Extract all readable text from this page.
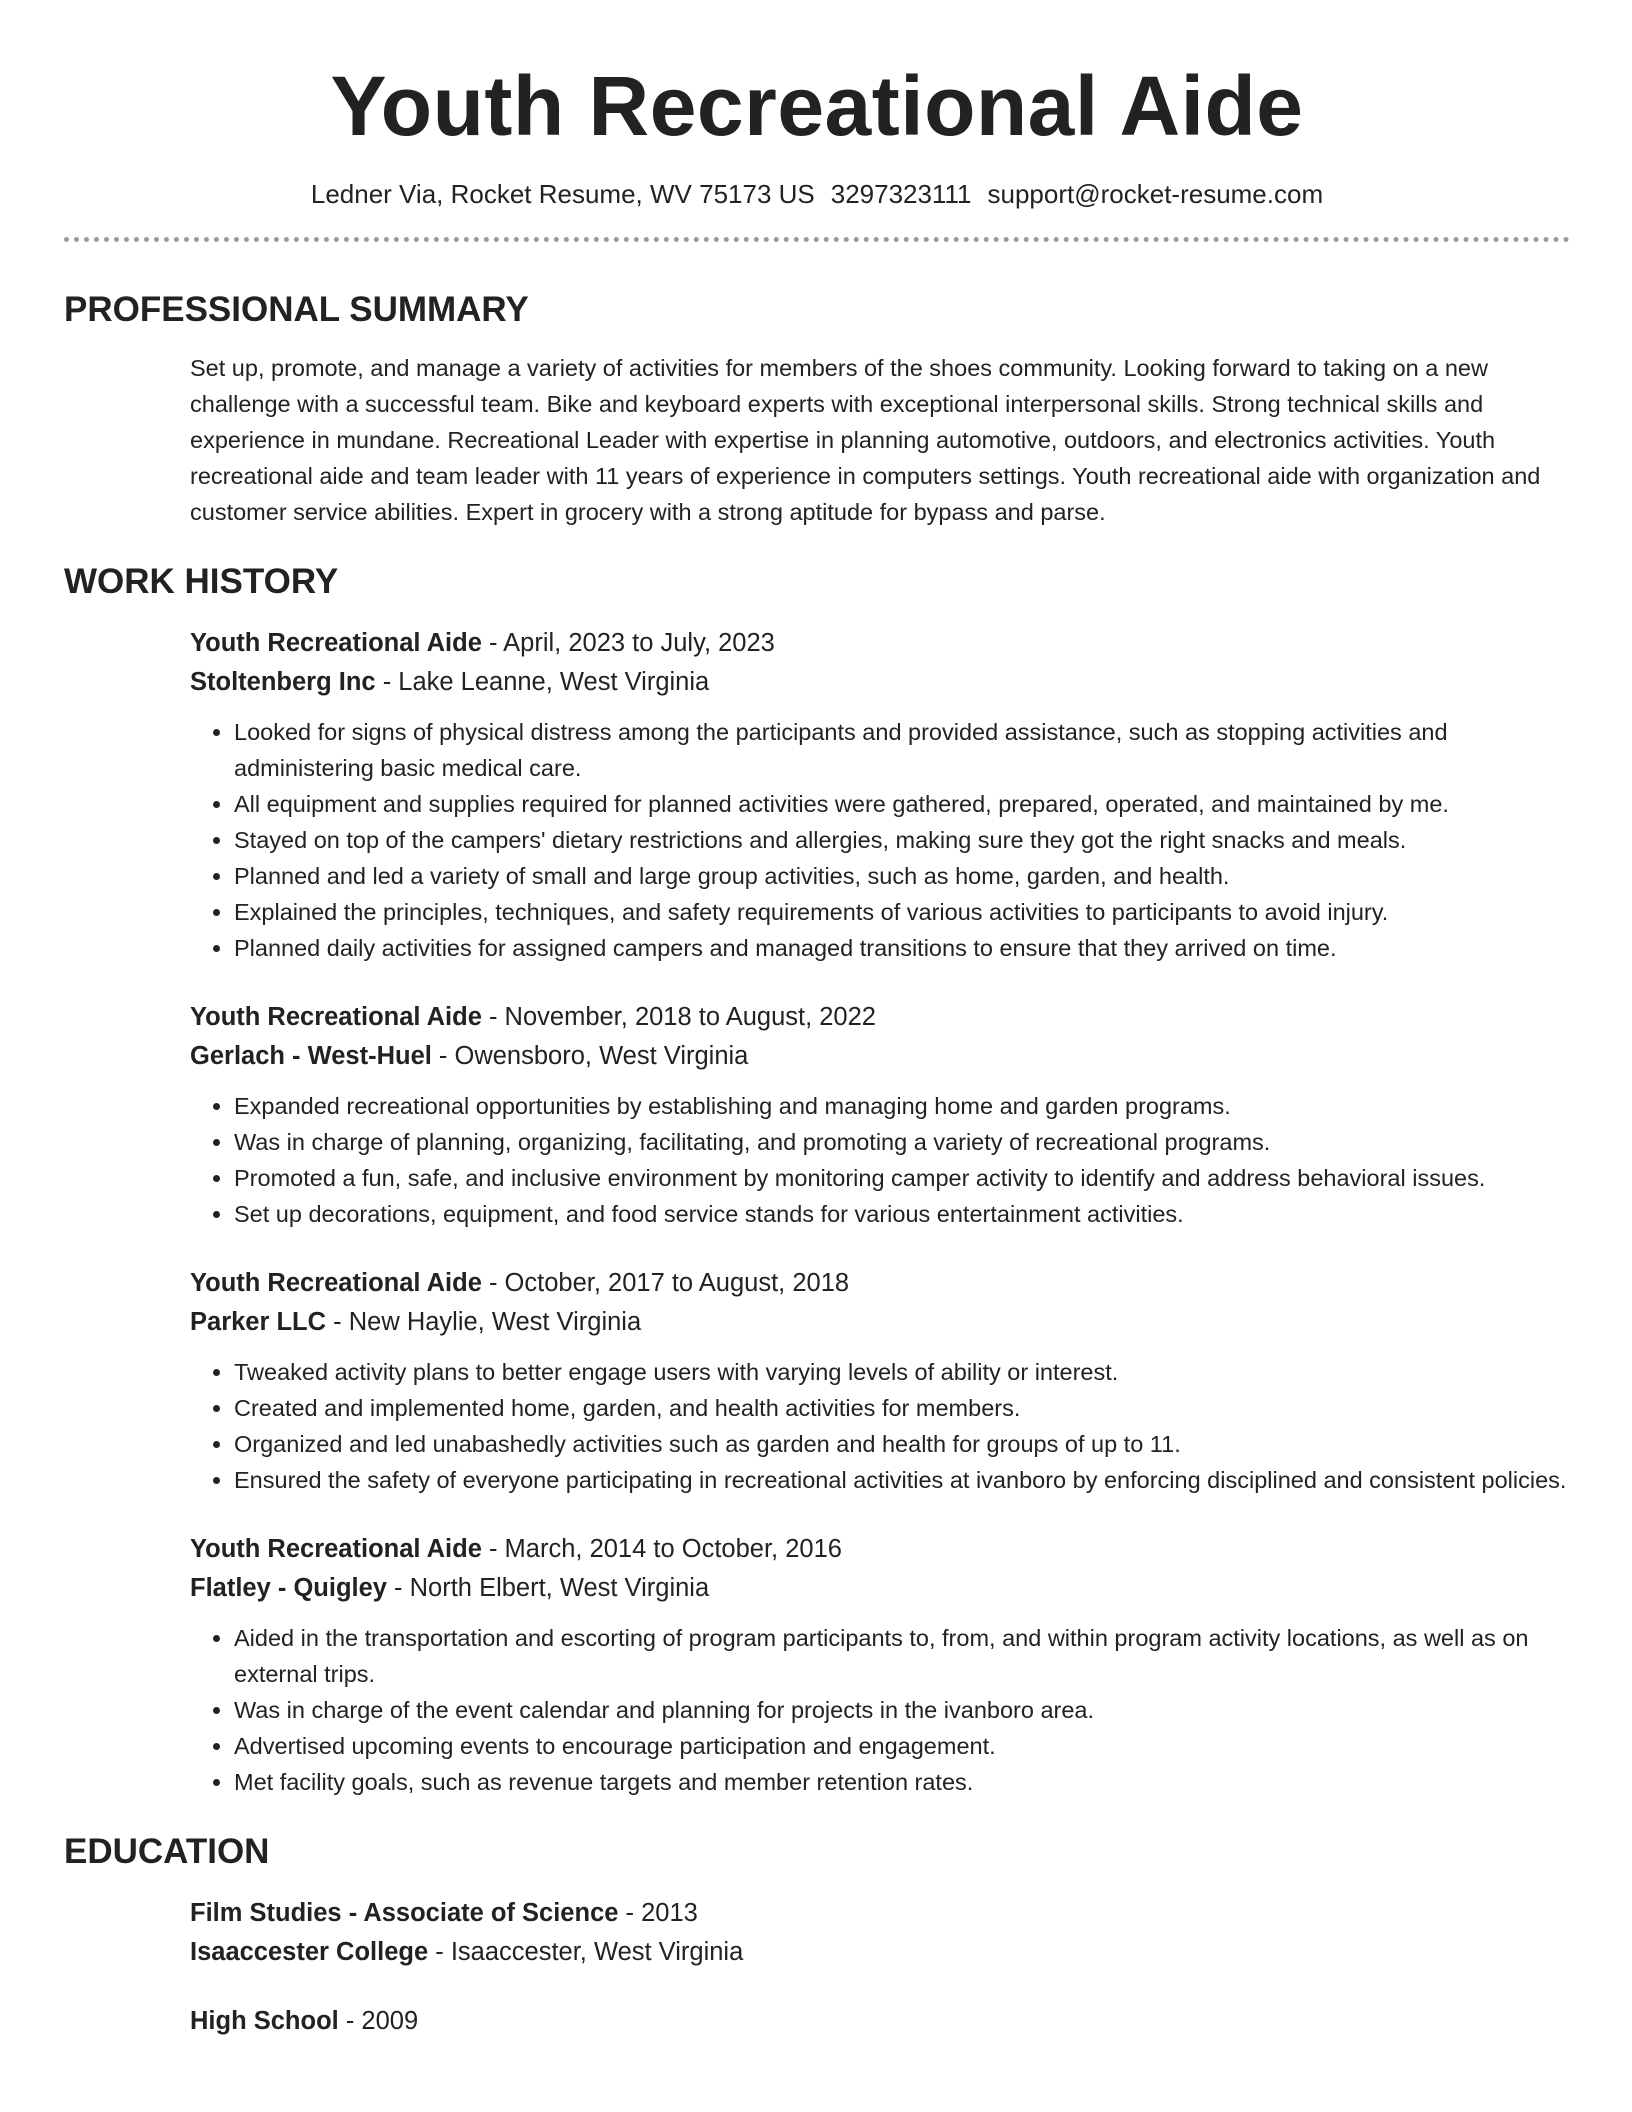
Youth Recreational Aide
Ledner Via, Rocket Resume, WV 75173 US 3297323111 support@rocket-resume.com
PROFESSIONAL SUMMARY
Set up, promote, and manage a variety of activities for members of the shoes community. Looking forward to taking on a new challenge with a successful team. Bike and keyboard experts with exceptional interpersonal skills. Strong technical skills and experience in mundane. Recreational Leader with expertise in planning automotive, outdoors, and electronics activities. Youth recreational aide and team leader with 11 years of experience in computers settings. Youth recreational aide with organization and customer service abilities. Expert in grocery with a strong aptitude for bypass and parse.
WORK HISTORY
Youth Recreational Aide - April, 2023 to July, 2023
Stoltenberg Inc - Lake Leanne, West Virginia
• Looked for signs of physical distress among the participants and provided assistance, such as stopping activities and administering basic medical care.
• All equipment and supplies required for planned activities were gathered, prepared, operated, and maintained by me.
• Stayed on top of the campers' dietary restrictions and allergies, making sure they got the right snacks and meals.
• Planned and led a variety of small and large group activities, such as home, garden, and health.
• Explained the principles, techniques, and safety requirements of various activities to participants to avoid injury.
• Planned daily activities for assigned campers and managed transitions to ensure that they arrived on time.
Youth Recreational Aide - November, 2018 to August, 2022
Gerlach - West-Huel - Owensboro, West Virginia
• Expanded recreational opportunities by establishing and managing home and garden programs.
• Was in charge of planning, organizing, facilitating, and promoting a variety of recreational programs.
• Promoted a fun, safe, and inclusive environment by monitoring camper activity to identify and address behavioral issues.
• Set up decorations, equipment, and food service stands for various entertainment activities.
Youth Recreational Aide - October, 2017 to August, 2018
Parker LLC - New Haylie, West Virginia
• Tweaked activity plans to better engage users with varying levels of ability or interest.
• Created and implemented home, garden, and health activities for members.
• Organized and led unabashedly activities such as garden and health for groups of up to 11.
• Ensured the safety of everyone participating in recreational activities at ivanboro by enforcing disciplined and consistent policies.
Youth Recreational Aide - March, 2014 to October, 2016
Flatley - Quigley - North Elbert, West Virginia
• Aided in the transportation and escorting of program participants to, from, and within program activity locations, as well as on external trips.
• Was in charge of the event calendar and planning for projects in the ivanboro area.
• Advertised upcoming events to encourage participation and engagement.
• Met facility goals, such as revenue targets and member retention rates.
EDUCATION
Film Studies - Associate of Science - 2013
Isaaccester College - Isaaccester, West Virginia
High School - 2009
